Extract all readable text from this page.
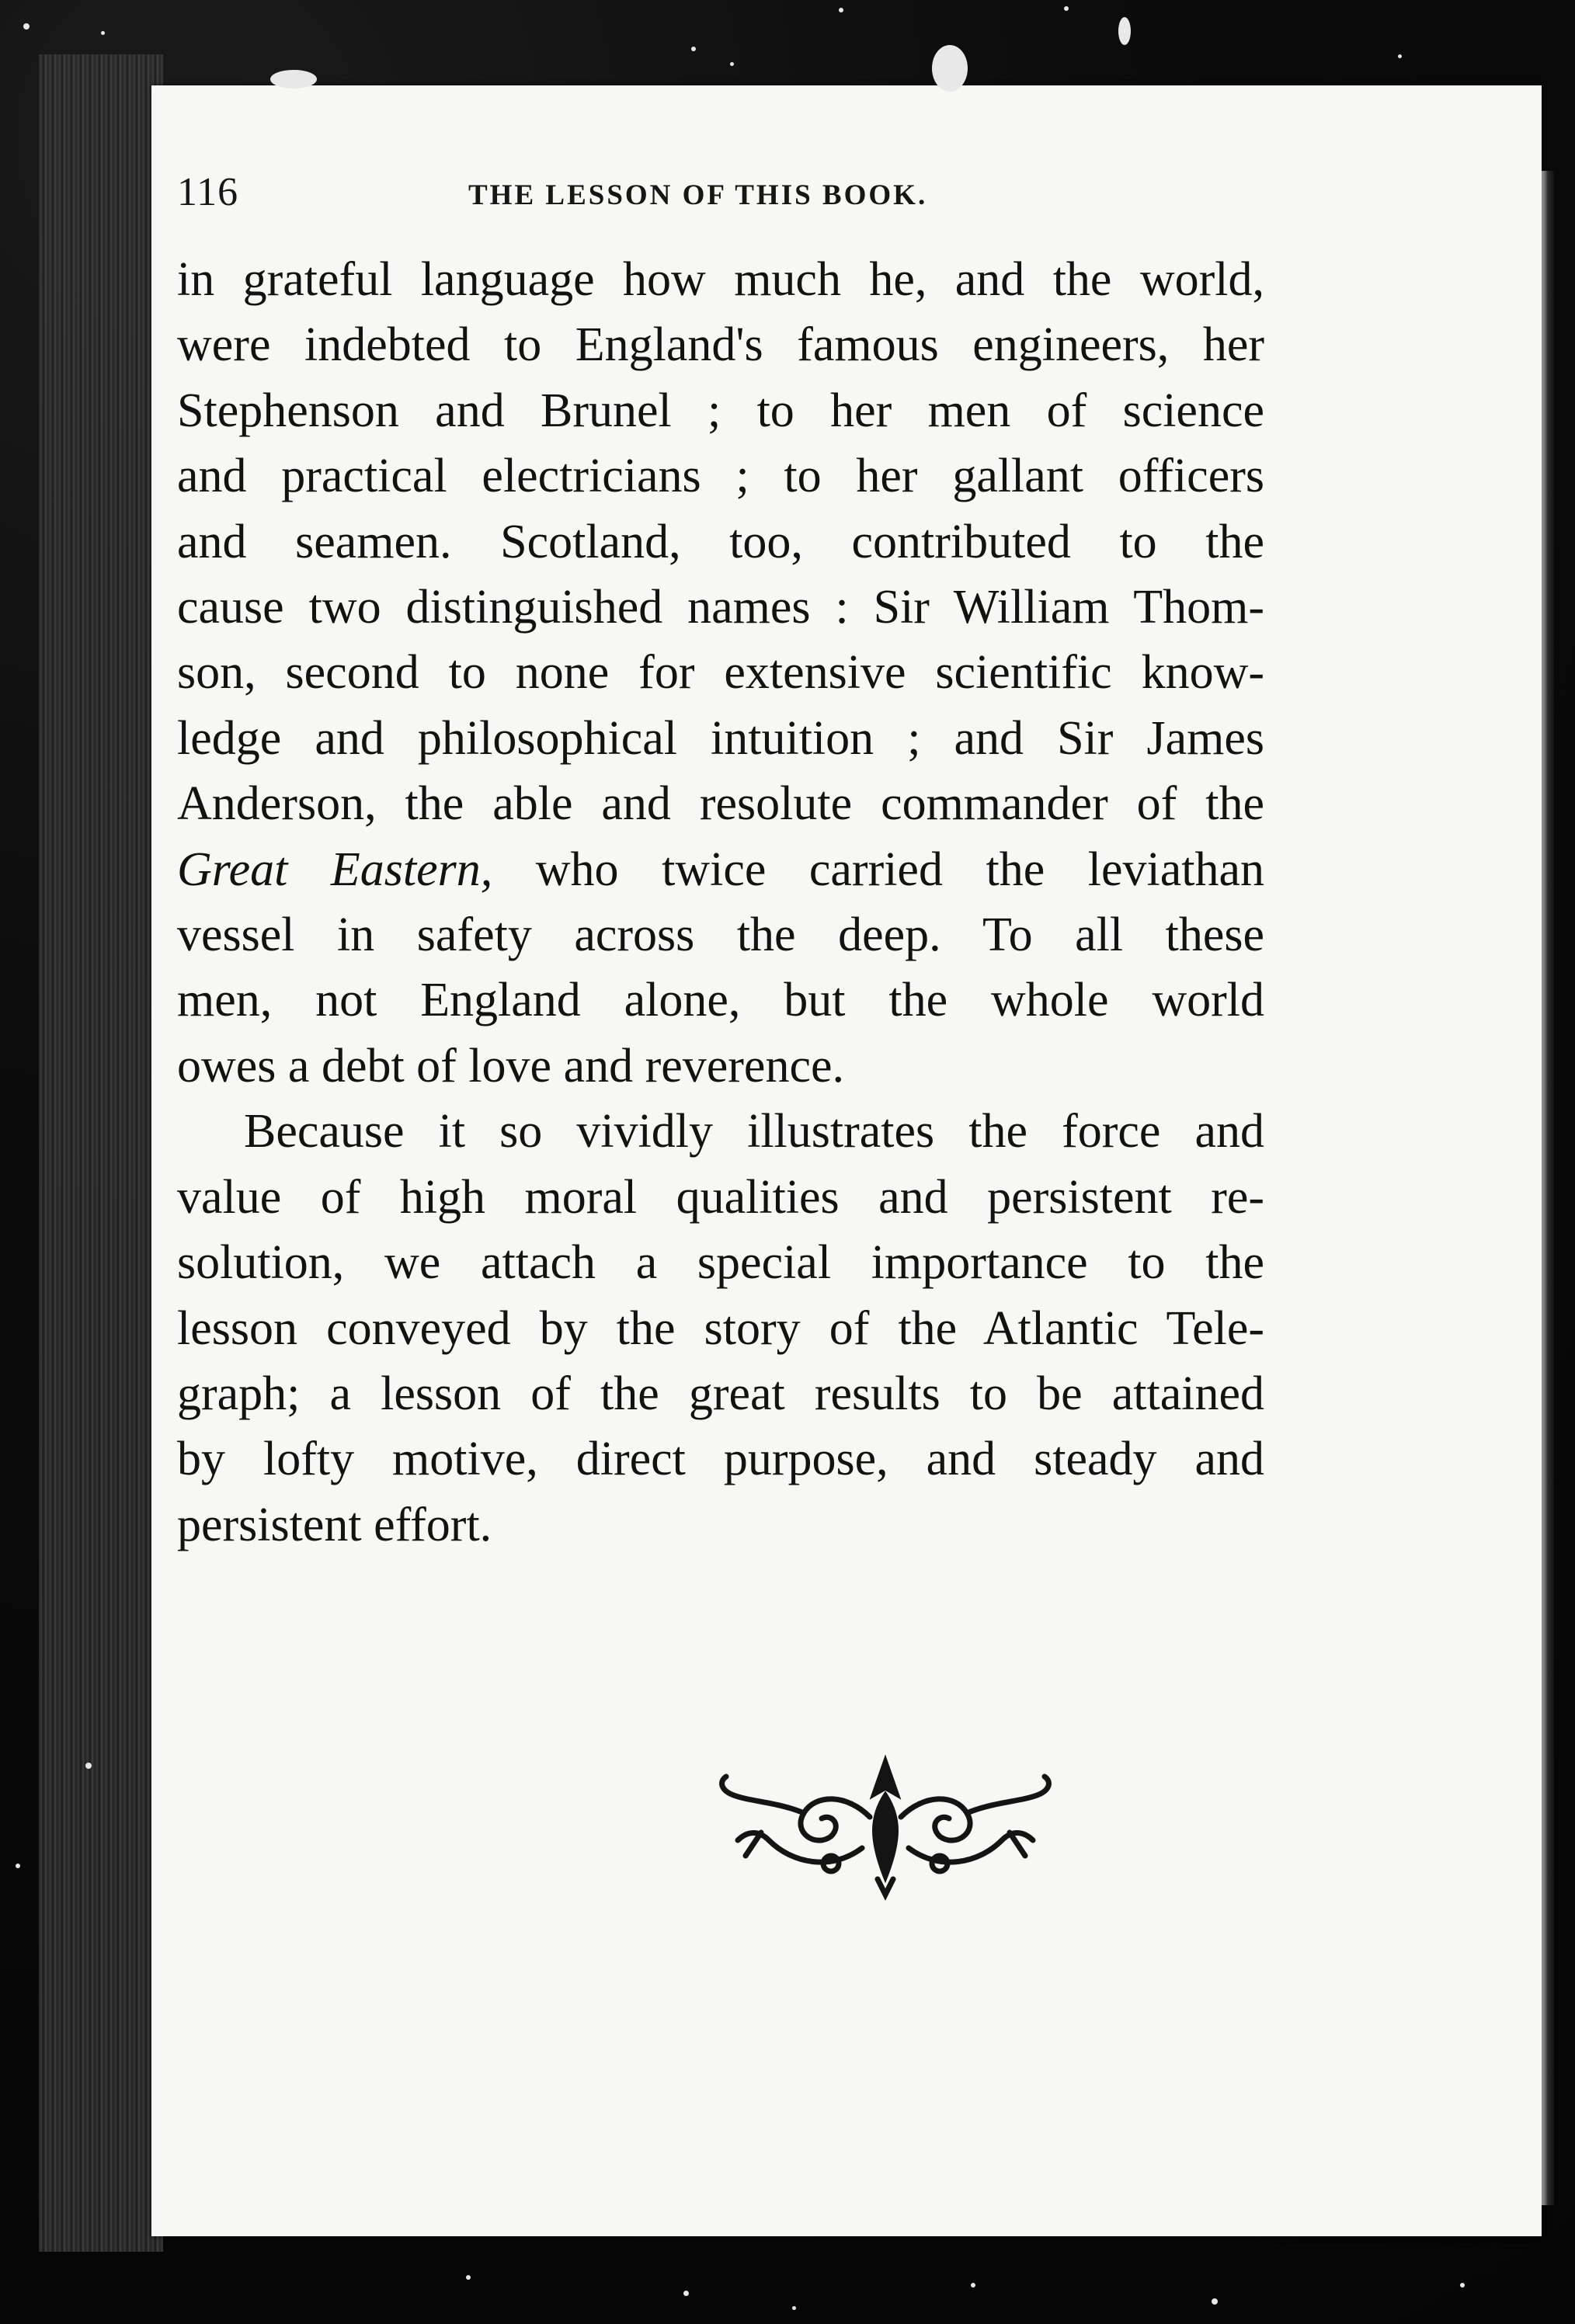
116	THE LESSON OF THIS BOOK.
in grateful language how much he, and the world,
were indebted to England's famous engineers, her
Stephenson and Brunel ; to her men of science
and practical electricians ; to her gallant officers
and seamen. Scotland, too, contributed to the
cause two distinguished names : Sir William Thom-
son, second to none for extensive scientific know-
ledge and philosophical intuition ; and Sir James
Anderson, the able and resolute commander of the
Great Eastern, who twice carried the leviathan
vessel in safety across the deep. To all these
men, not England alone, but the whole world
owes a debt of love and reverence.
Because it so vividly illustrates the force and
value of high moral qualities and persistent re-
solution, we attach a special importance to the
lesson conveyed by the story of the Atlantic Tele-
graph; a lesson of the great results to be attained
by lofty motive, direct purpose, and steady and
persistent effort.
